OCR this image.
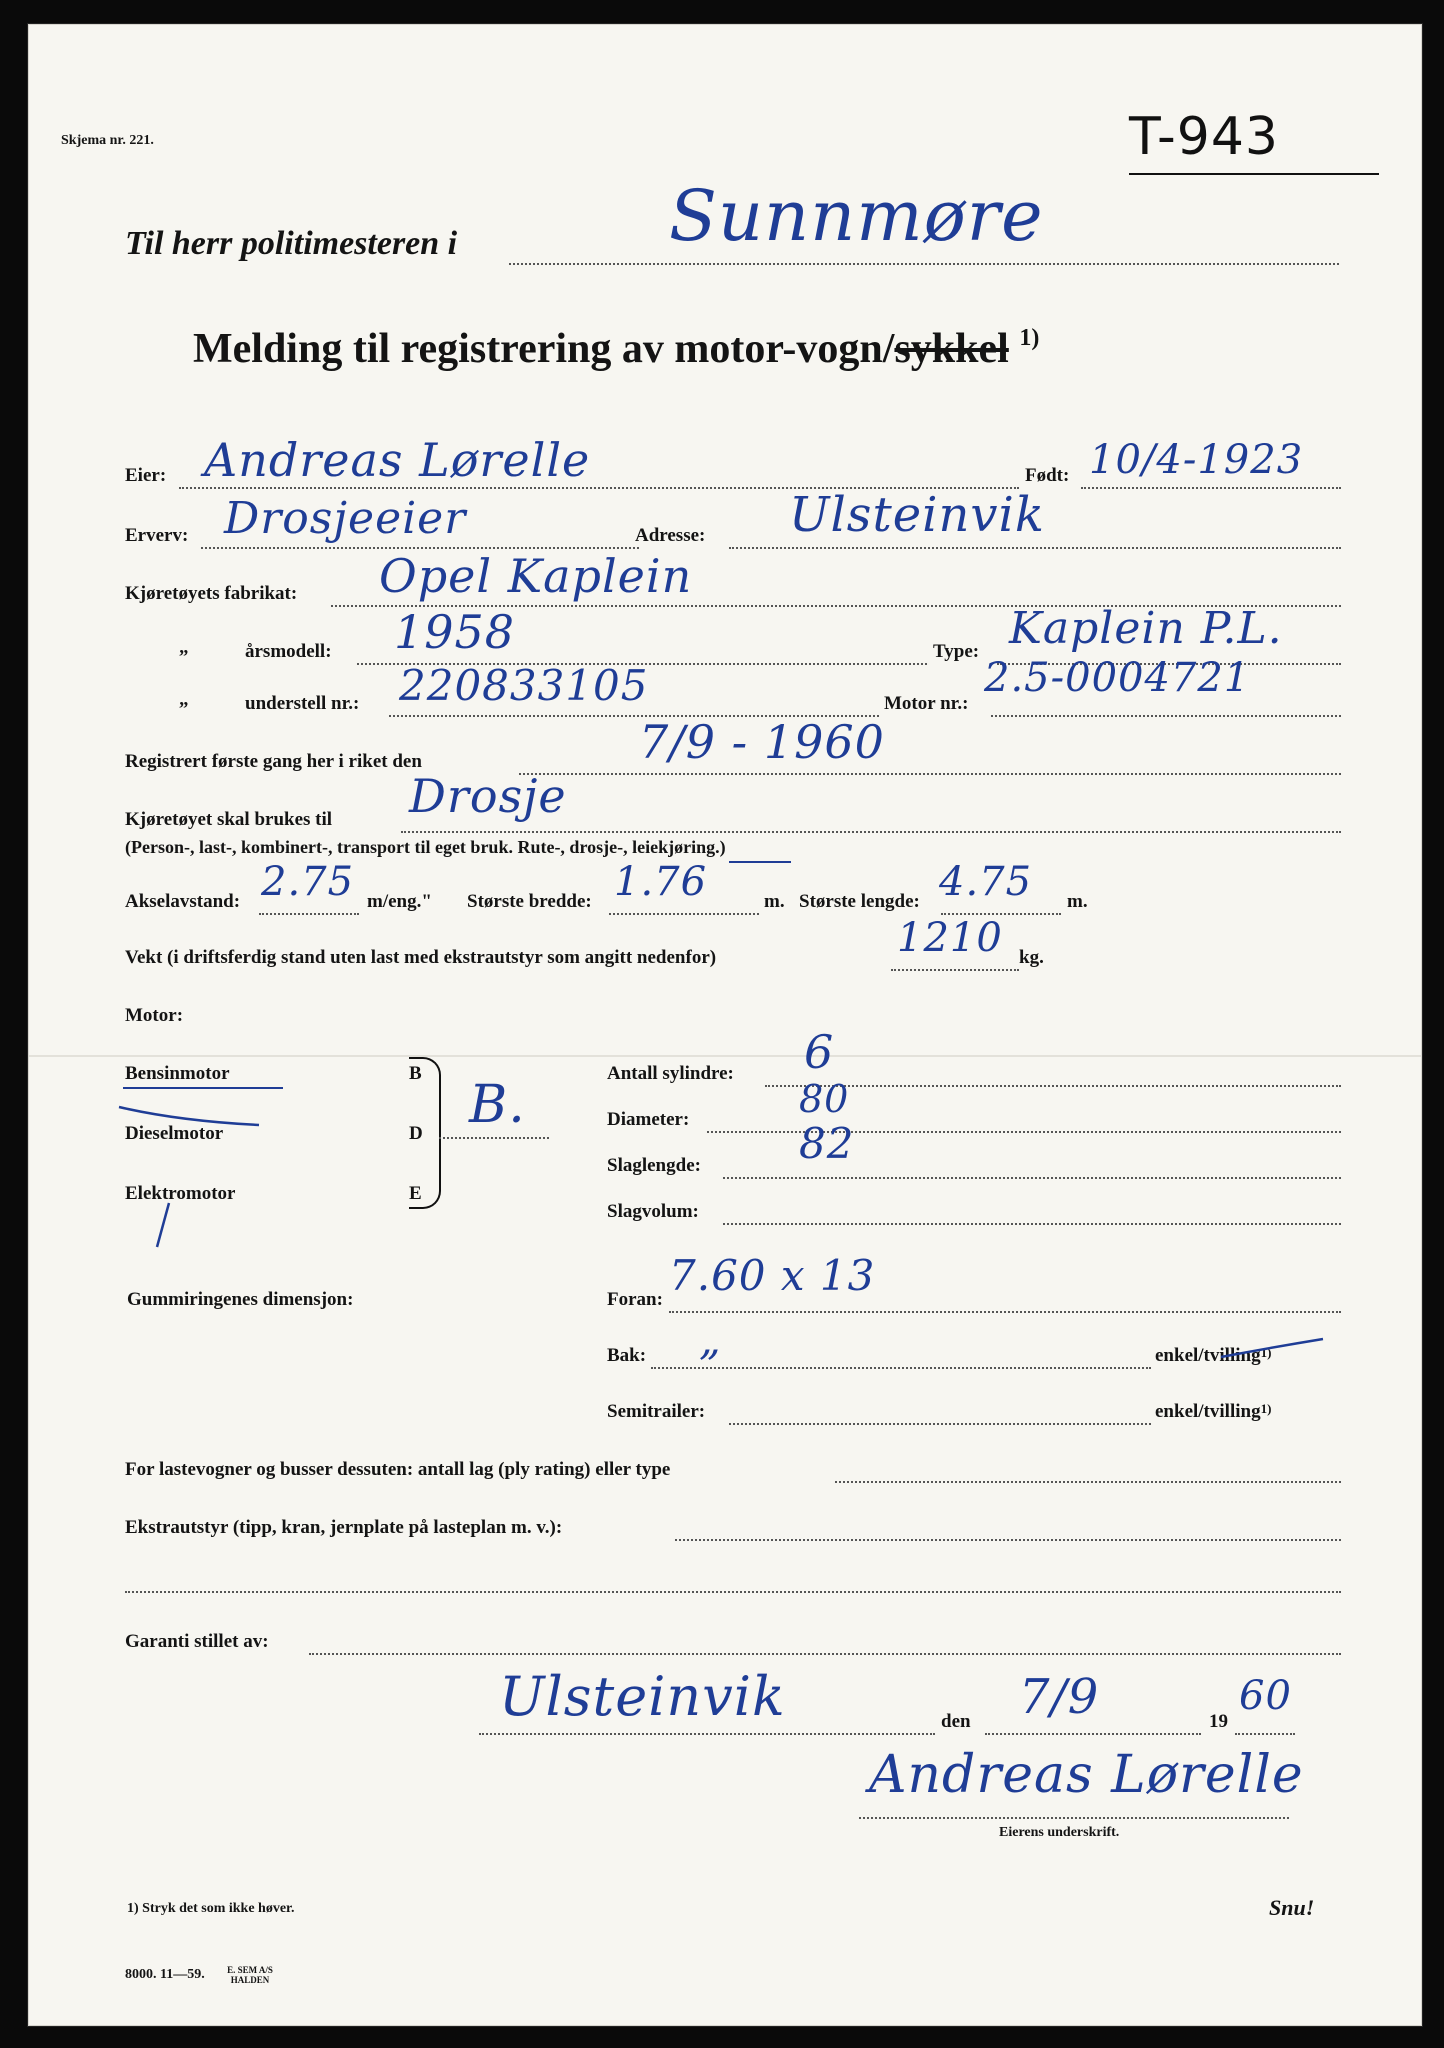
Skjema nr. 221.	T-943
Til herr politimesteren i	Sunnmøre
Melding til registrering av motor-vogn/sykkel $^{1)}$
Eier: Andreas Lørelle	Født: 10/4-1923
Erverv: Drosjeeier	Adresse: Ulsteinvik
Kjøretøyets fabrikat: Opel Kaplein
„	årsmodell: 1958	Type: Kaplein P.L.
„	understell nr.: 220833105	Motor nr.:
2.5-0004721
Registrert første gang her i riket den	7/9 - 1960
Kjøretøyet skal brukes til Drosje
(Person-, last-, kombinert-, transport til eget bruk. Rute-, drosje-, leiekjøring.)
Akselavstand: 2.75 m/eng." Største bredde: 1.76	m. Største lengde: 4.75 m.
Vekt (i driftsferdig stand uten last med ekstrautstyr som angitt nedenfor)	1210 kg.
Motor:
Bensinmotor	B
Dieselmotor	D
Elektromotor	E
B.
Antall sylindre: 6
Diameter:	80
Slaglengde: 82
Slagvolum:
Gummiringenes dimensjon:	Foran: 7.60 x 13
Bak: „	enkel/tvilling$^{1)}$
Semitrailer:	enkel/tvilling$^{1)}$
For lastevogner og busser dessuten: antall lag (ply rating) eller type
Ekstrautstyr (tipp, kran, jernplate på lasteplan m. v.):
Garanti stillet av:
Ulsteinvik	den 7/9	19
60
Andreas Lørelle
Eierens underskrift.
1) Stryk det som ikke høver.	Snu!
8000. 11—59. E. SEM A/S HALDEN
